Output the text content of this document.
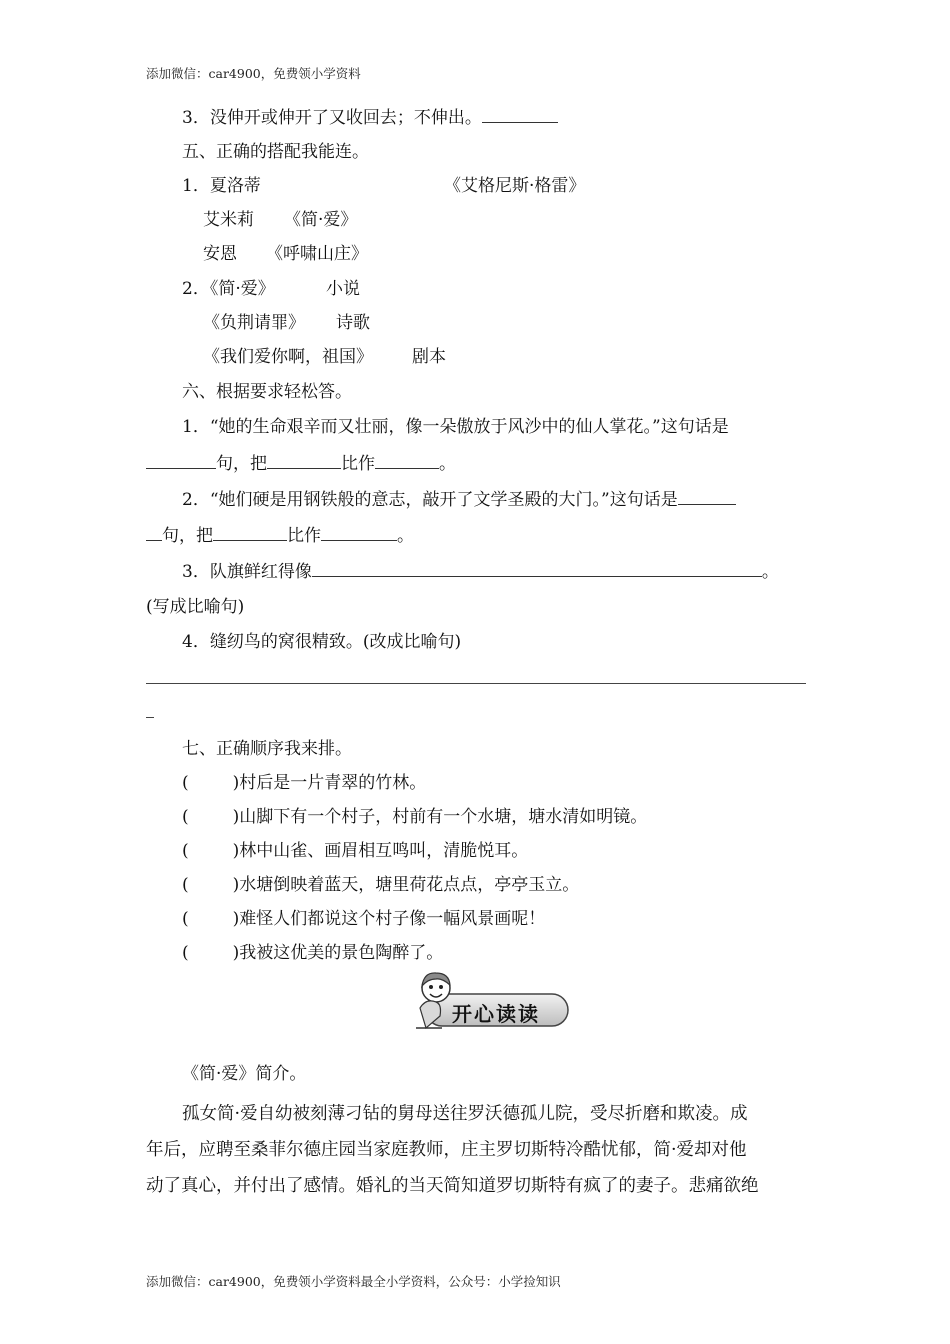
添加微信：car4900，免费领小学资料
添加微信：car4900，免费领小学资料最全小学资料，公众号：小学捡知识
3．没伸开或伸开了又收回去；不伸出。
五、正确的搭配我能连。
1．夏洛蒂	《艾格尼斯·格雷》
艾米莉 《简·爱》
安恩 《呼啸山庄》
2．《简·爱》	小说
《负荆请罪》 诗歌
《我们爱你啊，祖国》 剧本
六、根据要求轻松答。
1．“她的生命艰辛而又壮丽，像一朵傲放于风沙中的仙人掌花。”这句话是
句，把	比作	。
2．“她们硬是用钢铁般的意志，敲开了文学圣殿的大门。”这句话是
句，把	比作	。
3．队旗鲜红得像	。
(写成比喻句)
4．缝纫鸟的窝很精致。(改成比喻句)
七、正确顺序我来排。
(	)村后是一片青翠的竹林。
(	)山脚下有一个村子，村前有一个水塘，塘水清如明镜。
(	)林中山雀、画眉相互鸣叫，清脆悦耳。
(	)水塘倒映着蓝天，塘里荷花点点，亭亭玉立。
(	)难怪人们都说这个村子像一幅风景画呢！
(	)我被这优美的景色陶醉了。
开心读读
《简·爱》简介。
孤女简·爱自幼被刻薄刁钻的舅母送往罗沃德孤儿院，受尽折磨和欺凌。成
年后，应聘至桑菲尔德庄园当家庭教师，庄主罗切斯特冷酷忧郁，简·爱却对他
动了真心，并付出了感情。婚礼的当天简知道罗切斯特有疯了的妻子。悲痛欲绝
